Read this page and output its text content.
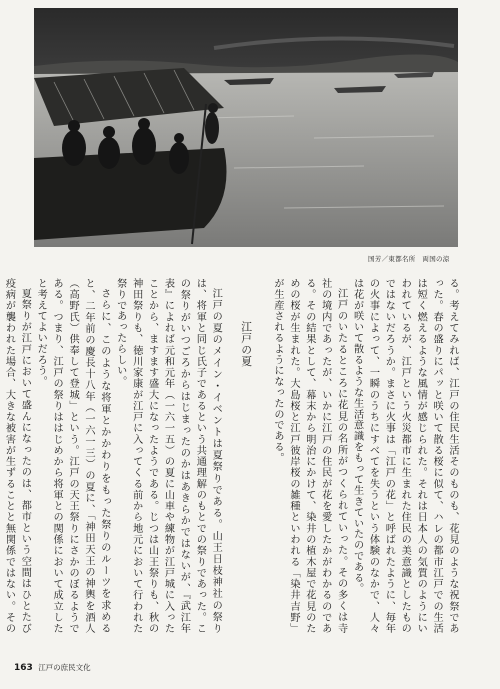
国芳／東都名所　両国の涼

る。考えてみれば、江戸の住民生活そのものも、花見のような祝祭であった。春の盛りにパッと咲いて散る桜に似て、ハレの都市江戸での生活は短く燃えるような風情が感じられた。それは日本人の気質のようにいわれているが、江戸という火災都市に生まれた住民の美意識としたものではないだろうか。まさに火事は「江戸の花」と呼ばれたように、毎年の火事によって、一瞬のうちにすべてを失うという体験のなかで、人々は花が咲いて散るような生活意識をもって生きていたのである。

江戸のいたるところに花見の名所がつくられていった。その多くは寺社の境内であったが、いかに江戸の住民が花を愛したかがわかるのである。その結果として、幕末から明治にかけて、染井の植木屋で花見のための桜が生まれた。大島桜と江戸彼岸桜の雑種といわれる「染井吉野」が生産されるようになったのである。

江戸の夏

江戸の夏のメイン・イベントは夏祭りである。山王日枝神社の祭りは、将軍と同じ氏子であるという共通理解のもとでの祭りであった。この祭りがいつごろからはじまったのかはあきらかではないが、『武江年表』によれば元和元年（一六一五）の夏に山車や練物が江戸城に入ったことから、ますます盛大になったようである。じつは山王祭りも、秋の神田祭りも、徳川家康が江戸に入ってくる前から地元において行われた祭りであったらしい。

さらに、このような将軍とかかわりをもった祭りのルーツを求めると、二年前の慶長十八年（一六一三）の夏に、「神田天王の神輿を酒人（高野氏）供奉して登城」という。江戸の天王祭りにさかのぼるようである。つまり、江戸の祭りははじめから将軍との関係において成立したと考えてよいだろう。

夏祭りが江戸において盛んになったのは、都市という空間はひとたび疫病が襲われた場合、大きな被害が生ずることと無関係ではない。その

163 江戸の庶民文化
